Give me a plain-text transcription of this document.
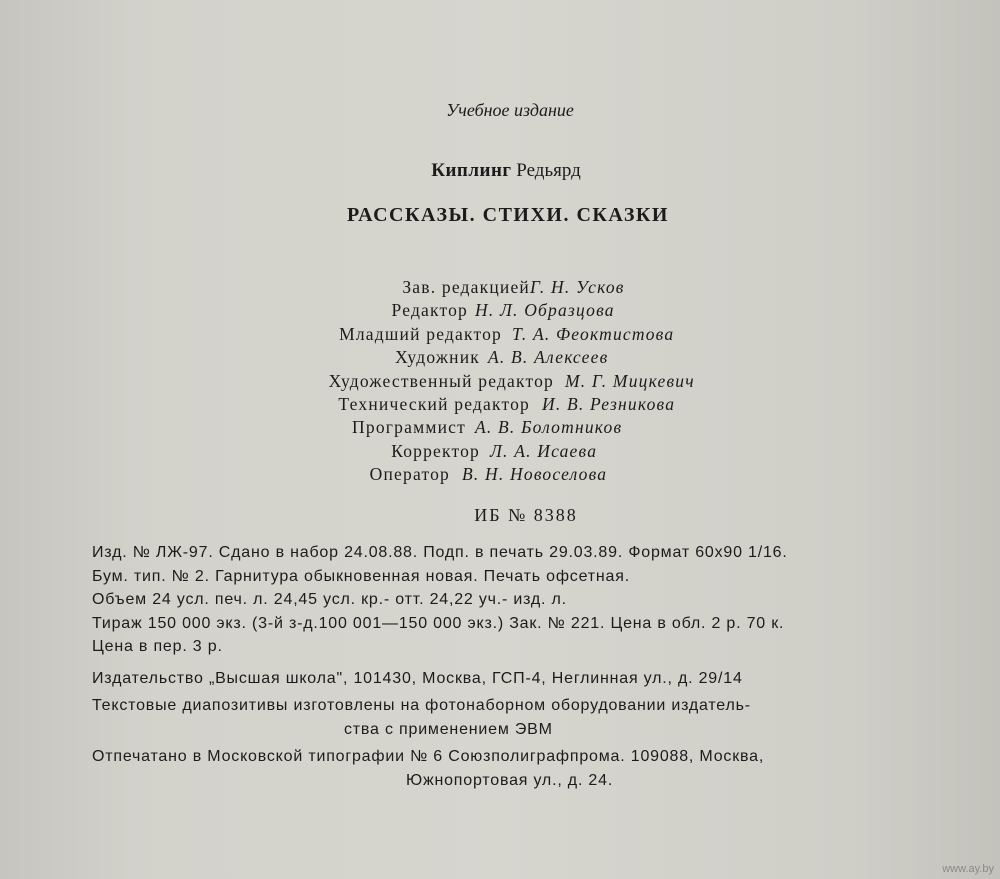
Учебное издание
Киплинг Редьярд
РАССКАЗЫ. СТИХИ. СКАЗКИ
Зав. редакцией Г. Н. Усков
Редактор Н. Л. Образцова
Младший редактор Т. А. Феоктистова
Художник А. В. Алексеев
Художественный редактор М. Г. Мицкевич
Технический редактор И. В. Резникова
Программист А. В. Болотников
Корректор Л. А. Исаева
Оператор В. Н. Новоселова
ИБ № 8388
Изд. № ЛЖ-97. Сдано в набор 24.08.88. Подп. в печать 29.03.89. Формат 60x90 1/16.
Бум. тип. № 2. Гарнитура обыкновенная новая. Печать офсетная.
Объем 24 усл. печ. л. 24,45 усл. кр.- отт. 24,22 уч.- изд. л.
Тираж 150 000 экз. (3-й з-д.100 001—150 000 экз.) Зак. № 221. Цена в обл. 2 р. 70 к.
Цена в пер. 3 р.
Издательство „Высшая школа", 101430, Москва, ГСП-4, Неглинная ул., д. 29/14
Текстовые диапозитивы изготовлены на фотонаборном оборудовании издатель-
ства с применением ЭВМ
Отпечатано в Московской типографии № 6 Союзполиграфпрома. 109088, Москва,
Южнопортовая ул., д. 24.
www.ay.by
